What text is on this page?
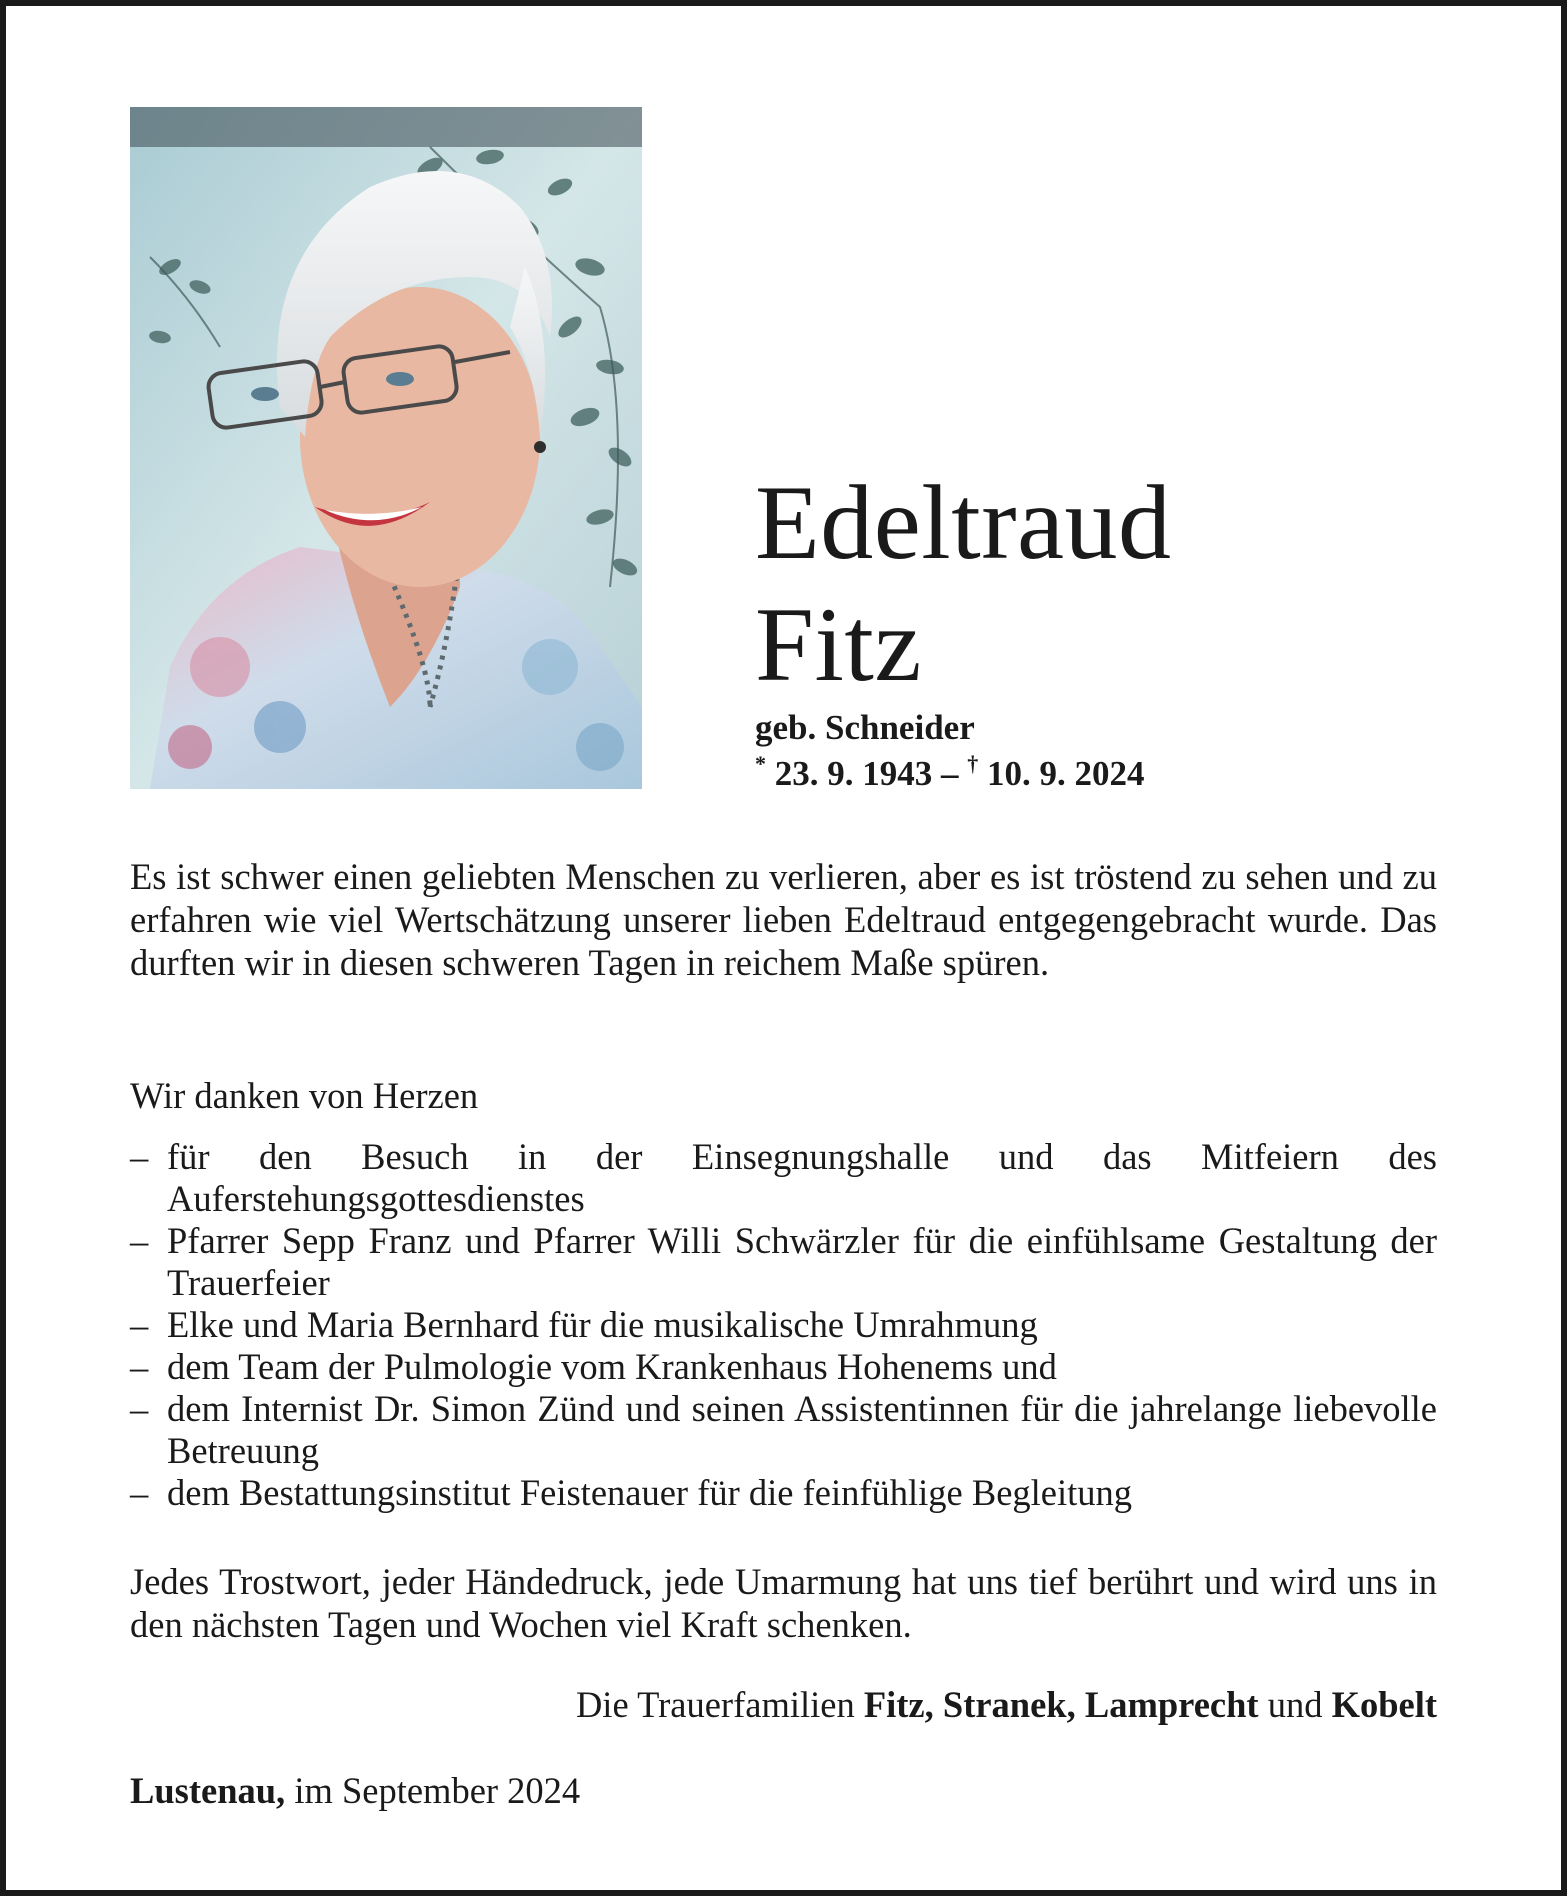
Edeltraud
Fitz
geb. Schneider
* 23. 9. 1943 – † 10. 9. 2024
Es ist schwer einen geliebten Menschen zu verlieren, aber es ist tröstend zu sehen und zu erfahren wie viel Wertschätzung unserer lieben Edeltraud entgegengebracht wurde. Das durften wir in diesen schweren Tagen in reichem Maße spüren.
Wir danken von Herzen
– für den Besuch in der Einsegnungshalle und das Mitfeiern des Auferstehungsgottesdienstes
– Pfarrer Sepp Franz und Pfarrer Willi Schwärzler für die einfühlsame Gestaltung der Trauerfeier
– Elke und Maria Bernhard für die musikalische Umrahmung
– dem Team der Pulmologie vom Krankenhaus Hohenems und
– dem Internist Dr. Simon Zünd und seinen Assistentinnen für die jahrelange liebevolle Betreuung
– dem Bestattungsinstitut Feistenauer für die feinfühlige Begleitung
Jedes Trostwort, jeder Händedruck, jede Umarmung hat uns tief berührt und wird uns in den nächsten Tagen und Wochen viel Kraft schenken.
Die Trauerfamilien Fitz, Stranek, Lamprecht und Kobelt
Lustenau, im September 2024
